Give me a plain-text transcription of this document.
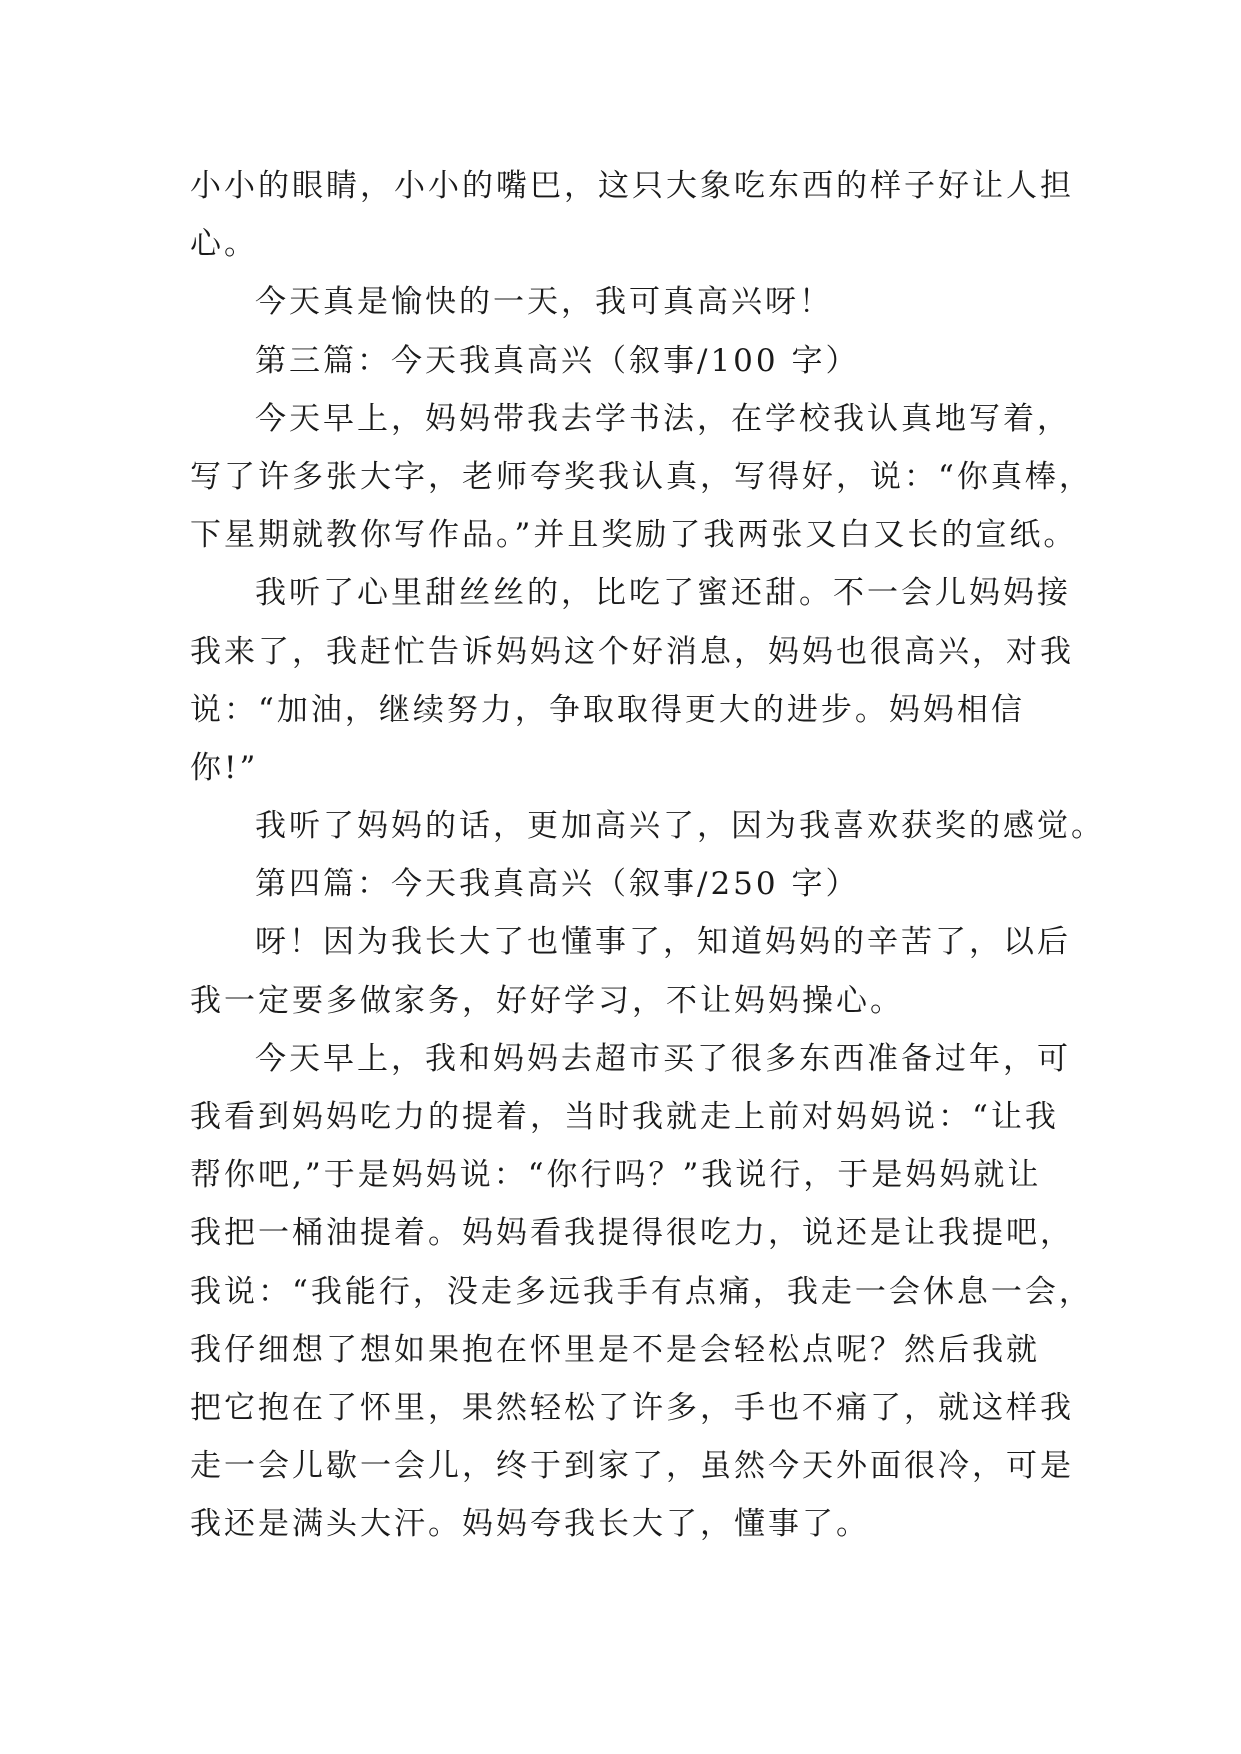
小小的眼睛，小小的嘴巴，这只大象吃东西的样子好让人担
心。
今天真是愉快的一天，我可真高兴呀！
第三篇：今天我真高兴（叙事/100 字）
今天早上，妈妈带我去学书法，在学校我认真地写着，
写了许多张大字，老师夸奖我认真，写得好，说：“你真棒，
下星期就教你写作品。”并且奖励了我两张又白又长的宣纸。
我听了心里甜丝丝的，比吃了蜜还甜。不一会儿妈妈接
我来了，我赶忙告诉妈妈这个好消息，妈妈也很高兴，对我
说：“加油，继续努力，争取取得更大的进步。妈妈相信
你!”
我听了妈妈的话，更加高兴了，因为我喜欢获奖的感觉。
第四篇：今天我真高兴（叙事/250 字）
呀！因为我长大了也懂事了，知道妈妈的辛苦了，以后
我一定要多做家务，好好学习，不让妈妈操心。
今天早上，我和妈妈去超市买了很多东西准备过年，可
我看到妈妈吃力的提着，当时我就走上前对妈妈说：“让我
帮你吧,”于是妈妈说：“你行吗？”我说行，于是妈妈就让
我把一桶油提着。妈妈看我提得很吃力，说还是让我提吧，
我说：“我能行，没走多远我手有点痛，我走一会休息一会，
我仔细想了想如果抱在怀里是不是会轻松点呢？然后我就
把它抱在了怀里，果然轻松了许多，手也不痛了，就这样我
走一会儿歇一会儿，终于到家了，虽然今天外面很冷，可是
我还是满头大汗。妈妈夸我长大了，懂事了。
